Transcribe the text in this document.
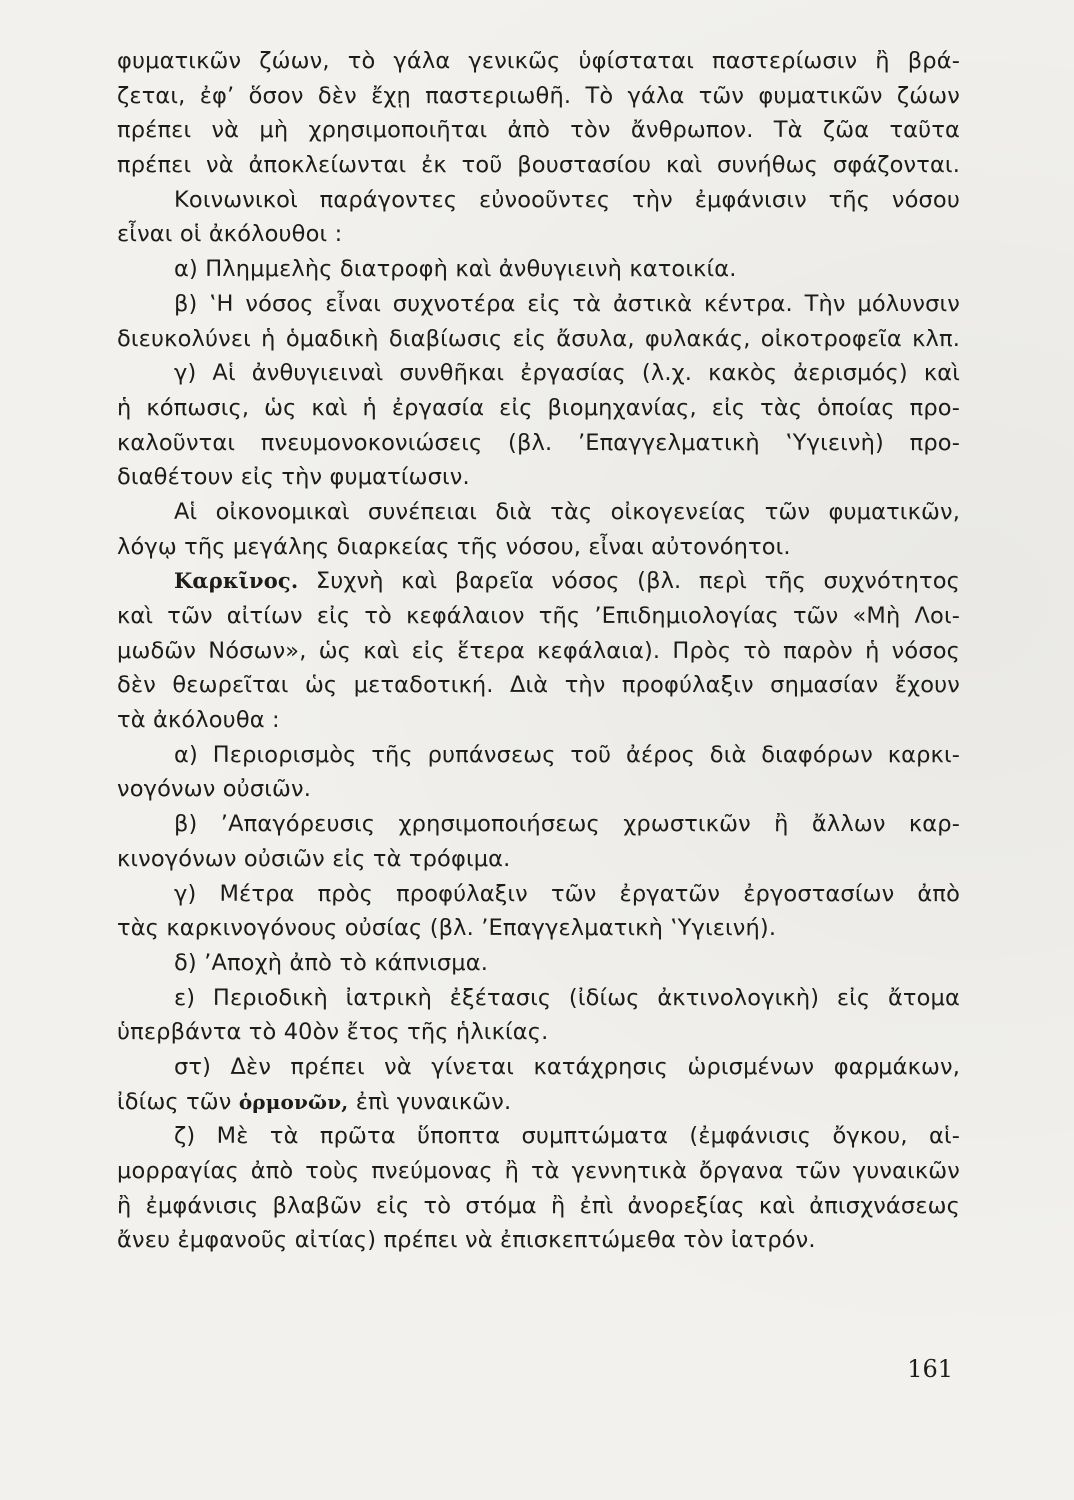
φυματικῶν ζώων, τὸ γάλα γενικῶς ὑφίσταται παστερίωσιν ἢ βρά-
ζεται, ἐφ’ ὅσον δὲν ἔχῃ παστεριωθῆ. Τὸ γάλα τῶν φυματικῶν ζώων
πρέπει νὰ μὴ χρησιμοποιῆται ἀπὸ τὸν ἄνθρωπον. Τὰ ζῶα ταῦτα
πρέπει νὰ ἀποκλείωνται ἐκ τοῦ βουστασίου καὶ συνήθως σφάζονται.
Κοινωνικοὶ παράγοντες εὐνοοῦντες τὴν ἐμφάνισιν τῆς νόσου
εἶναι οἱ ἀκόλουθοι :
α) Πλημμελὴς διατροφὴ καὶ ἀνθυγιεινὴ κατοικία.
β) ‛Η νόσος εἶναι συχνοτέρα εἰς τὰ ἀστικὰ κέντρα. Τὴν μόλυνσιν
διευκολύνει ἡ ὁμαδικὴ διαβίωσις εἰς ἄσυλα, φυλακάς, οἰκοτροφεῖα κλπ.
γ) Αἱ ἀνθυγιειναὶ συνθῆκαι ἐργασίας (λ.χ. κακὸς ἀερισμός) καὶ
ἡ κόπωσις, ὡς καὶ ἡ ἐργασία εἰς βιομηχανίας, εἰς τὰς ὁποίας προ-
καλοῦνται πνευμονοκονιώσεις (βλ. ’Επαγγελματικὴ ‛Υγιεινὴ) προ-
διαθέτουν εἰς τὴν φυματίωσιν.
Αἱ οἰκονομικαὶ συνέπειαι διὰ τὰς οἰκογενείας τῶν φυματικῶν,
λόγῳ τῆς μεγάλης διαρκείας τῆς νόσου, εἶναι αὐτονόητοι.
Καρκῖνος. Συχνὴ καὶ βαρεῖα νόσος (βλ. περὶ τῆς συχνότητος
καὶ τῶν αἰτίων εἰς τὸ κεφάλαιον τῆς ’Επιδημιολογίας τῶν «Μὴ Λοι-
μωδῶν Νόσων», ὡς καὶ εἰς ἕτερα κεφάλαια). Πρὸς τὸ παρὸν ἡ νόσος
δὲν θεωρεῖται ὡς μεταδοτική. Διὰ τὴν προφύλαξιν σημασίαν ἔχουν
τὰ ἀκόλουθα :
α) Περιορισμὸς τῆς ρυπάνσεως τοῦ ἀέρος διὰ διαφόρων καρκι-
νογόνων οὐσιῶν.
β) ’Απαγόρευσις χρησιμοποιήσεως χρωστικῶν ἢ ἄλλων καρ-
κινογόνων οὐσιῶν εἰς τὰ τρόφιμα.
γ) Μέτρα πρὸς προφύλαξιν τῶν ἐργατῶν ἐργοστασίων ἀπὸ
τὰς καρκινογόνους οὐσίας (βλ. ’Επαγγελματικὴ ‛Υγιεινή).
δ) ’Αποχὴ ἀπὸ τὸ κάπνισμα.
ε) Περιοδικὴ ἰατρικὴ ἐξέτασις (ἰδίως ἀκτινολογικὴ) εἰς ἄτομα
ὑπερβάντα τὸ 40ὸν ἔτος τῆς ἡλικίας.
στ) Δὲν πρέπει νὰ γίνεται κατάχρησις ὡρισμένων φαρμάκων,
ἰδίως τῶν ὁρμονῶν, ἐπὶ γυναικῶν.
ζ) Μὲ τὰ πρῶτα ὕποπτα συμπτώματα (ἐμφάνισις ὄγκου, αἱ-
μορραγίας ἀπὸ τοὺς πνεύμονας ἢ τὰ γεννητικὰ ὄργανα τῶν γυναικῶν
ἢ ἐμφάνισις βλαβῶν εἰς τὸ στόμα ἢ ἐπὶ ἀνορεξίας καὶ ἀπισχνάσεως
ἄνευ ἐμφανοῦς αἰτίας) πρέπει νὰ ἐπισκεπτώμεθα τὸν ἰατρόν.
161
